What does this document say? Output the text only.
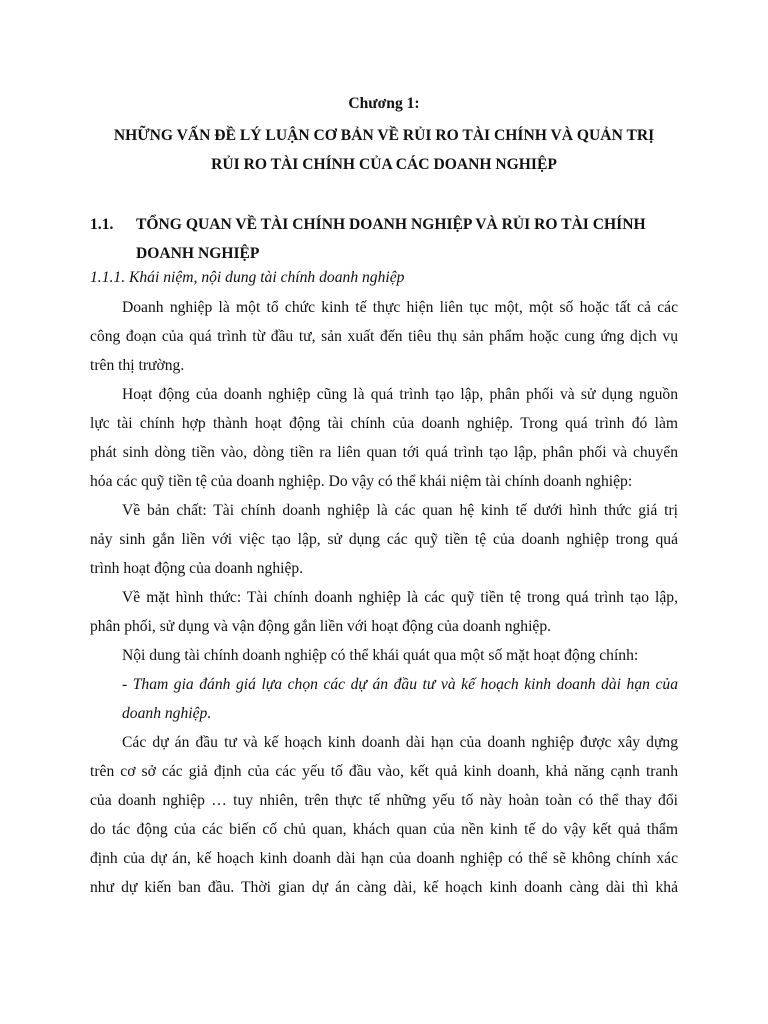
Chương 1:
NHỮNG VẤN ĐỀ LÝ LUẬN CƠ BẢN VỀ RỦI RO TÀI CHÍNH VÀ QUẢN TRỊ
RỦI RO TÀI CHÍNH CỦA CÁC DOANH NGHIỆP
1.1. TỔNG QUAN VỀ TÀI CHÍNH DOANH NGHIỆP VÀ RỦI RO TÀI CHÍNH
DOANH NGHIỆP
1.1.1. Khái niệm, nội dung tài chính doanh nghiệp
Doanh nghiệp là một tổ chức kinh tế thực hiện liên tục một, một số hoặc tất cả các
công đoạn của quá trình từ đầu tư, sản xuất đến tiêu thụ sản phẩm hoặc cung ứng dịch vụ
trên thị trường.
Hoạt động của doanh nghiệp cũng là quá trình tạo lập, phân phối và sử dụng nguồn
lực tài chính hợp thành hoạt động tài chính của doanh nghiệp. Trong quá trình đó làm
phát sinh dòng tiền vào, dòng tiền ra liên quan tới quá trình tạo lập, phân phối và chuyển
hóa các quỹ tiền tệ của doanh nghiệp. Do vậy có thể khái niệm tài chính doanh nghiệp:
Về bản chất: Tài chính doanh nghiệp là các quan hệ kinh tế dưới hình thức giá trị
nảy sinh gắn liền với việc tạo lập, sử dụng các quỹ tiền tệ của doanh nghiệp trong quá
trình hoạt động của doanh nghiệp.
Về mặt hình thức: Tài chính doanh nghiệp là các quỹ tiền tệ trong quá trình tạo lập,
phân phối, sử dụng và vận động gắn liền với hoạt động của doanh nghiệp.
Nội dung tài chính doanh nghiệp có thể khái quát qua một số mặt hoạt động chính:
- Tham gia đánh giá lựa chọn các dự án đầu tư và kế hoạch kinh doanh dài hạn của
doanh nghiệp.
Các dự án đầu tư và kế hoạch kinh doanh dài hạn của doanh nghiệp được xây dựng
trên cơ sở các giả định của các yếu tố đầu vào, kết quả kinh doanh, khả năng cạnh tranh
của doanh nghiệp … tuy nhiên, trên thực tế những yếu tố này hoàn toàn có thể thay đổi
do tác động của các biến cố chủ quan, khách quan của nền kinh tế do vậy kết quả thẩm
định của dự án, kế hoạch kinh doanh dài hạn của doanh nghiệp có thể sẽ không chính xác
như dự kiến ban đầu. Thời gian dự án càng dài, kế hoạch kinh doanh càng dài thì khả
